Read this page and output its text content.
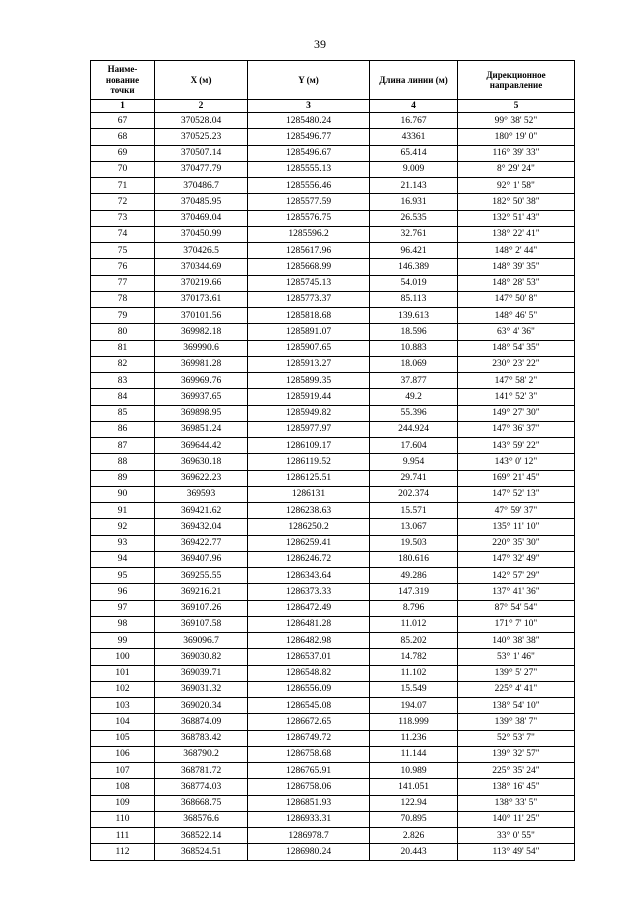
39
Наиме-
нование
точки	X (м)	Y (м)	Длина линии (м)	Дирекционное
направление
1	2	3	4	5
67	370528.04	1285480.24	16.767	99° 38' 52"
68	370525.23	1285496.77	43361	180° 19' 0"
69	370507.14	1285496.67	65.414	116° 39' 33"
70	370477.79	1285555.13	9.009	8° 29' 24"
71	370486.7	1285556.46	21.143	92° 1' 58"
72	370485.95	1285577.59	16.931	182° 50' 38"
73	370469.04	1285576.75	26.535	132° 51' 43"
74	370450.99	1285596.2	32.761	138° 22' 41"
75	370426.5	1285617.96	96.421	148° 2' 44"
76	370344.69	1285668.99	146.389	148° 39' 35"
77	370219.66	1285745.13	54.019	148° 28' 53"
78	370173.61	1285773.37	85.113	147° 50' 8"
79	370101.56	1285818.68	139.613	148° 46' 5"
80	369982.18	1285891.07	18.596	63° 4' 36"
81	369990.6	1285907.65	10.883	148° 54' 35"
82	369981.28	1285913.27	18.069	230° 23' 22"
83	369969.76	1285899.35	37.877	147° 58' 2"
84	369937.65	1285919.44	49.2	141° 52' 3"
85	369898.95	1285949.82	55.396	149° 27' 30"
86	369851.24	1285977.97	244.924	147° 36' 37"
87	369644.42	1286109.17	17.604	143° 59' 22"
88	369630.18	1286119.52	9.954	143° 0' 12"
89	369622.23	1286125.51	29.741	169° 21' 45"
90	369593	1286131	202.374	147° 52' 13"
91	369421.62	1286238.63	15.571	47° 59' 37"
92	369432.04	1286250.2	13.067	135° 11' 10"
93	369422.77	1286259.41	19.503	220° 35' 30"
94	369407.96	1286246.72	180.616	147° 32' 49"
95	369255.55	1286343.64	49.286	142° 57' 29"
96	369216.21	1286373.33	147.319	137° 41' 36"
97	369107.26	1286472.49	8.796	87° 54' 54"
98	369107.58	1286481.28	11.012	171° 7' 10"
99	369096.7	1286482.98	85.202	140° 38' 38"
100	369030.82	1286537.01	14.782	53° 1' 46"
101	369039.71	1286548.82	11.102	139° 5' 27"
102	369031.32	1286556.09	15.549	225° 4' 41"
103	369020.34	1286545.08	194.07	138° 54' 10"
104	368874.09	1286672.65	118.999	139° 38' 7"
105	368783.42	1286749.72	11.236	52° 53' 7"
106	368790.2	1286758.68	11.144	139° 32' 57"
107	368781.72	1286765.91	10.989	225° 35' 24"
108	368774.03	1286758.06	141.051	138° 16' 45"
109	368668.75	1286851.93	122.94	138° 33' 5"
110	368576.6	1286933.31	70.895	140° 11' 25"
111	368522.14	1286978.7	2.826	33° 0' 55"
112	368524.51	1286980.24	20.443	113° 49' 54"
